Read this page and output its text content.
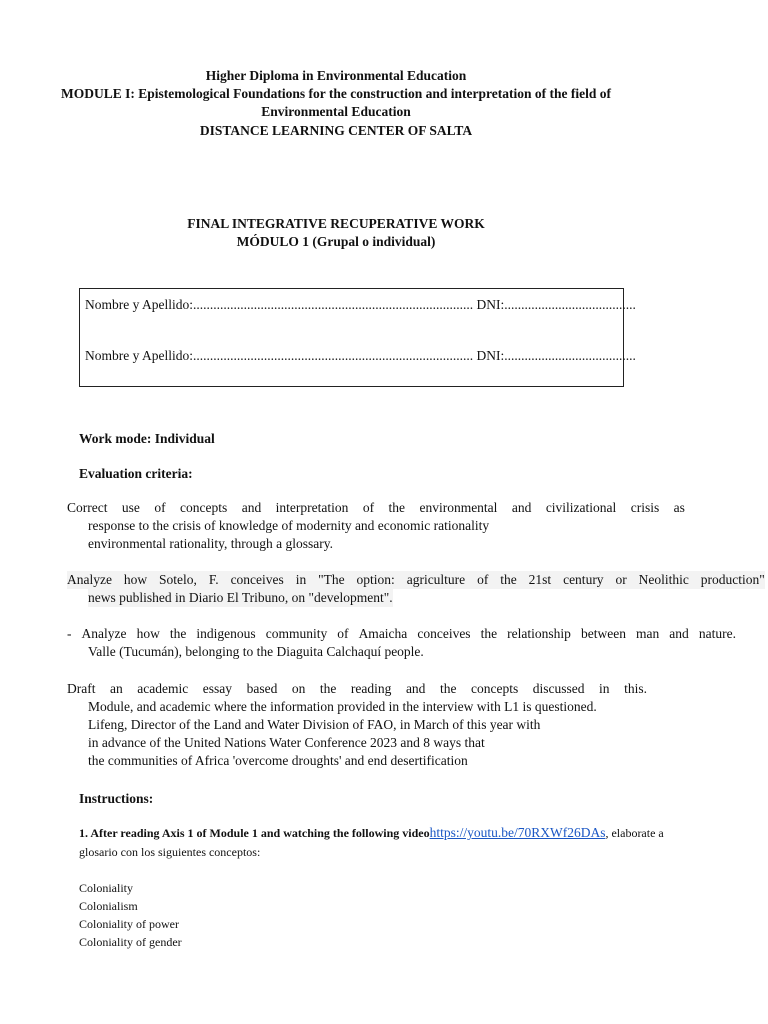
Higher Diploma in Environmental Education
MODULE I: Epistemological Foundations for the construction and interpretation of the field of
Environmental Education
DISTANCE LEARNING CENTER OF SALTA
FINAL INTEGRATIVE RECUPERATIVE WORK
MÓDULO 1 (Grupal o individual)
Nombre y Apellido:................................................................................... DNI:.......................................
Nombre y Apellido:................................................................................... DNI:.......................................
Work mode: Individual
Evaluation criteria:
Correct use of concepts and interpretation of the environmental and civilizational crisis as
response to the crisis of knowledge of modernity and economic rationality
environmental rationality, through a glossary.
Analyze how Sotelo, F. conceives in "The option: agriculture of the 21st century or Neolithic production"
news published in Diario El Tribuno, on "development".
- Analyze how the indigenous community of Amaicha conceives the relationship between man and nature.
Valle (Tucumán), belonging to the Diaguita Calchaquí people.
Draft an academic essay based on the reading and the concepts discussed in this.
Module, and academic where the information provided in the interview with L1 is questioned.
Lifeng, Director of the Land and Water Division of FAO, in March of this year with
in advance of the United Nations Water Conference 2023 and 8 ways that
the communities of Africa 'overcome droughts' and end desertification
Instructions:
1. After reading Axis 1 of Module 1 and watching the following videohttps://youtu.be/70RXWf26DAs, elaborate a
glosario con los siguientes conceptos:
Coloniality
Colonialism
Coloniality of power
Coloniality of gender
